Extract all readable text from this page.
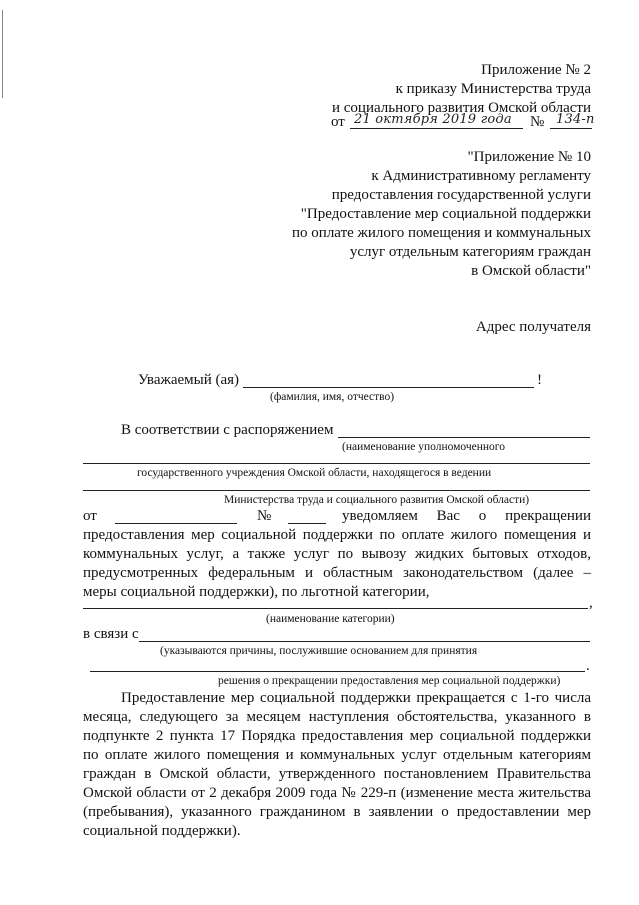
Приложение № 2
к приказу Министерства труда
и социального развития Омской области
от 21 октября 2019 года № 134-п
"Приложение № 10
к Административному регламенту
предоставления государственной услуги
"Предоставление мер социальной поддержки
по оплате жилого помещения и коммунальных
услуг отдельным категориям граждан
в Омской области"
Адрес получателя
Уважаемый (ая)	!
(фамилия, имя, отчество)
В соответствии с распоряжением
(наименование уполномоченного
государственного учреждения Омской области, находящегося в ведении
Министерства труда и социального развития Омской области)
от	№	уведомляем Вас о прекращении
предоставления мер социальной поддержки по оплате жилого помещения и
коммунальных услуг, а также услуг по вывозу жидких бытовых отходов,
предусмотренных федеральным и областным законодательством (далее –
меры социальной поддержки), по льготной категории,
,
(наименование категории)
в связи с
(указываются причины, послужившие основанием для принятия
.
решения о прекращении предоставления мер социальной поддержки)
Предоставление мер социальной поддержки прекращается с 1-го числа
месяца, следующего за месяцем наступления обстоятельства, указанного в
подпункте 2 пункта 17 Порядка предоставления мер социальной поддержки
по оплате жилого помещения и коммунальных услуг отдельным категориям
граждан в Омской области, утвержденного постановлением Правительства
Омской области от 2 декабря 2009 года № 229-п (изменение места жительства
(пребывания), указанного гражданином в заявлении о предоставлении мер
социальной поддержки).
